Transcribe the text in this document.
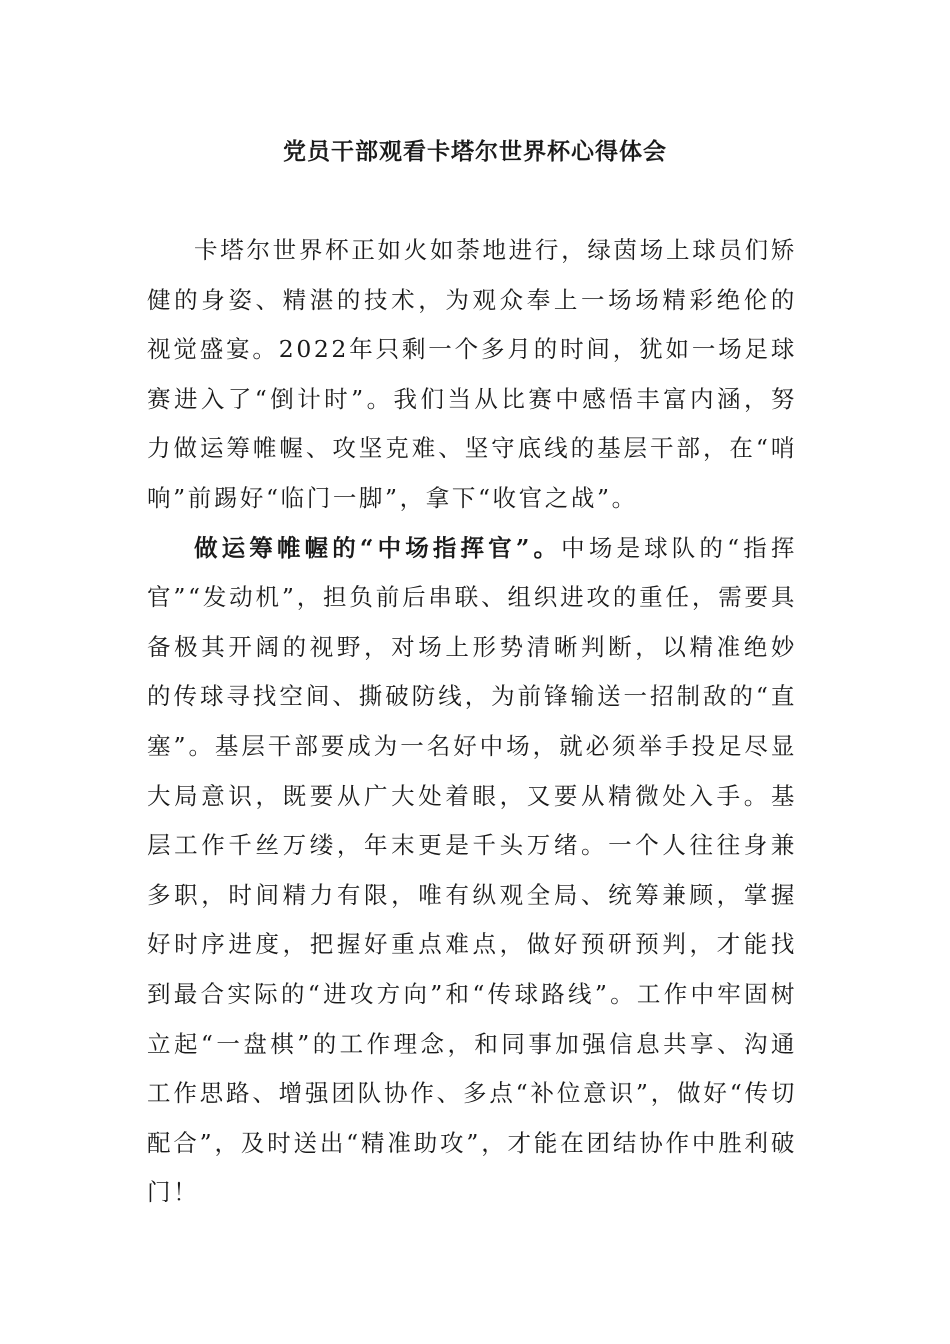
党员干部观看卡塔尔世界杯心得体会

卡塔尔世界杯正如火如荼地进行，绿茵场上球员们矫健的身姿、精湛的技术，为观众奉上一场场精彩绝伦的视觉盛宴。2022年只剩一个多月的时间，犹如一场足球赛进入了“倒计时”。我们当从比赛中感悟丰富内涵，努力做运筹帷幄、攻坚克难、坚守底线的基层干部，在“哨响”前踢好“临门一脚”，拿下“收官之战”。

做运筹帷幄的“中场指挥官”。中场是球队的“指挥官”“发动机”，担负前后串联、组织进攻的重任，需要具备极其开阔的视野，对场上形势清晰判断，以精准绝妙的传球寻找空间、撕破防线，为前锋输送一招制敌的“直塞”。基层干部要成为一名好中场，就必须举手投足尽显大局意识，既要从广大处着眼，又要从精微处入手。基层工作千丝万缕，年末更是千头万绪。一个人往往身兼多职，时间精力有限，唯有纵观全局、统筹兼顾，掌握好时序进度，把握好重点难点，做好预研预判，才能找到最合实际的“进攻方向”和“传球路线”。工作中牢固树立起“一盘棋”的工作理念，和同事加强信息共享、沟通工作思路、增强团队协作、多点“补位意识”，做好“传切配合”，及时送出“精准助攻”，才能在团结协作中胜利破门！
